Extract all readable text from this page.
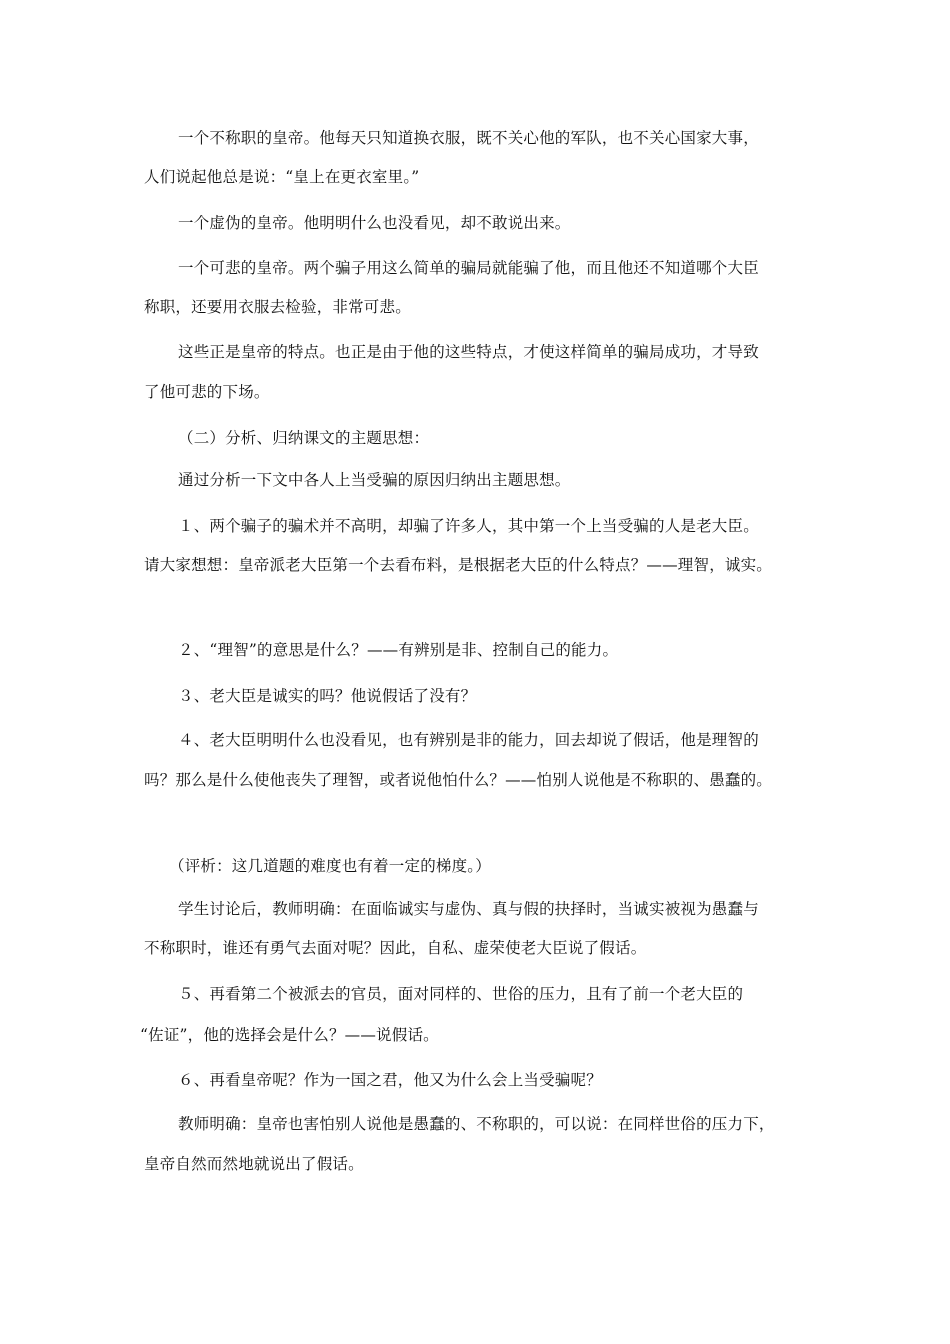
一个不称职的皇帝。他每天只知道换衣服，既不关心他的军队，也不关心国家大事，
人们说起他总是说：“皇上在更衣室里。”
一个虚伪的皇帝。他明明什么也没看见，却不敢说出来。
一个可悲的皇帝。两个骗子用这么简单的骗局就能骗了他，而且他还不知道哪个大臣
称职，还要用衣服去检验，非常可悲。
这些正是皇帝的特点。也正是由于他的这些特点，才使这样简单的骗局成功，才导致
了他可悲的下场。
（二）分析、归纳课文的主题思想：
通过分析一下文中各人上当受骗的原因归纳出主题思想。
１、两个骗子的骗术并不高明，却骗了许多人，其中第一个上当受骗的人是老大臣。
请大家想想：皇帝派老大臣第一个去看布料，是根据老大臣的什么特点？——理智，诚实。
２、“理智”的意思是什么？——有辨别是非、控制自己的能力。
３、老大臣是诚实的吗？他说假话了没有？
４、老大臣明明什么也没看见，也有辨别是非的能力，回去却说了假话，他是理智的
吗？那么是什么使他丧失了理智，或者说他怕什么？——怕别人说他是不称职的、愚蠢的。
（评析：这几道题的难度也有着一定的梯度。）
学生讨论后，教师明确：在面临诚实与虚伪、真与假的抉择时，当诚实被视为愚蠢与
不称职时，谁还有勇气去面对呢？因此，自私、虚荣使老大臣说了假话。
５、再看第二个被派去的官员，面对同样的、世俗的压力，且有了前一个老大臣的
“佐证”，他的选择会是什么？——说假话。
６、再看皇帝呢？作为一国之君，他又为什么会上当受骗呢？
教师明确：皇帝也害怕别人说他是愚蠢的、不称职的，可以说：在同样世俗的压力下，
皇帝自然而然地就说出了假话。
